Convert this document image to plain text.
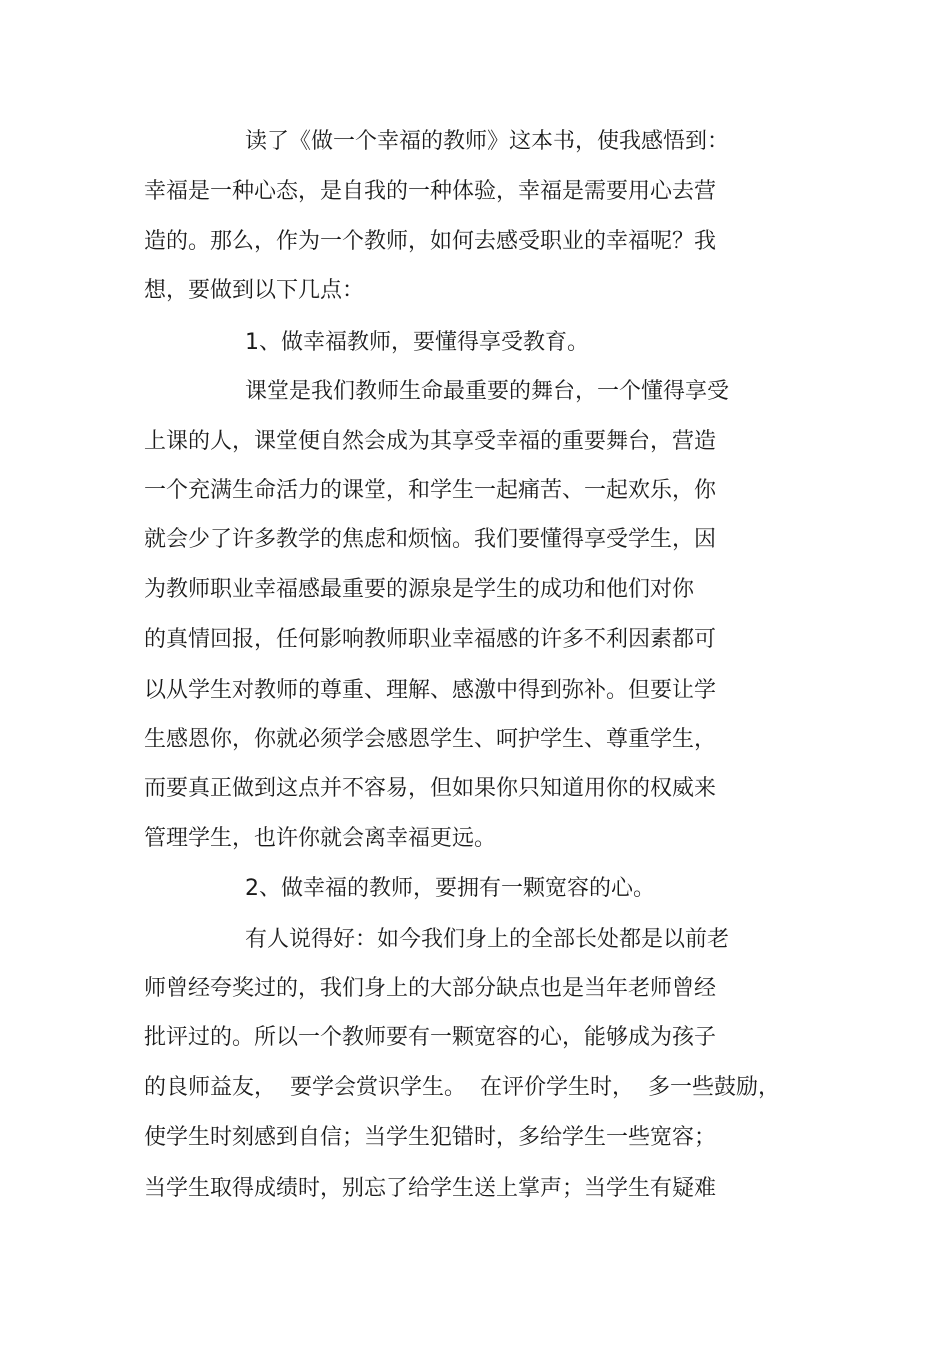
读了《做一个幸福的教师》这本书，使我感悟到：

幸福是一种心态，是自我的一种体验，幸福是需要用心去营

造的。那么，作为一个教师，如何去感受职业的幸福呢？我

想，要做到以下几点：

1、做幸福教师，要懂得享受教育。

课堂是我们教师生命最重要的舞台，一个懂得享受

上课的人，课堂便自然会成为其享受幸福的重要舞台，营造

一个充满生命活力的课堂，和学生一起痛苦、一起欢乐，你

就会少了许多教学的焦虑和烦恼。我们要懂得享受学生，因

为教师职业幸福感最重要的源泉是学生的成功和他们对你

的真情回报，任何影响教师职业幸福感的许多不利因素都可

以从学生对教师的尊重、理解、感激中得到弥补。但要让学

生感恩你，你就必须学会感恩学生、呵护学生、尊重学生，

而要真正做到这点并不容易，但如果你只知道用你的权威来

管理学生，也许你就会离幸福更远。

2、做幸福的教师，要拥有一颗宽容的心。

有人说得好：如今我们身上的全部长处都是以前老

师曾经夸奖过的，我们身上的大部分缺点也是当年老师曾经

批评过的。所以一个教师要有一颗宽容的心，能够成为孩子

的良师益友，  要学会赏识学生。  在评价学生时，  多一些鼓励，

使学生时刻感到自信；当学生犯错时，多给学生一些宽容；

当学生取得成绩时，别忘了给学生送上掌声；当学生有疑难
